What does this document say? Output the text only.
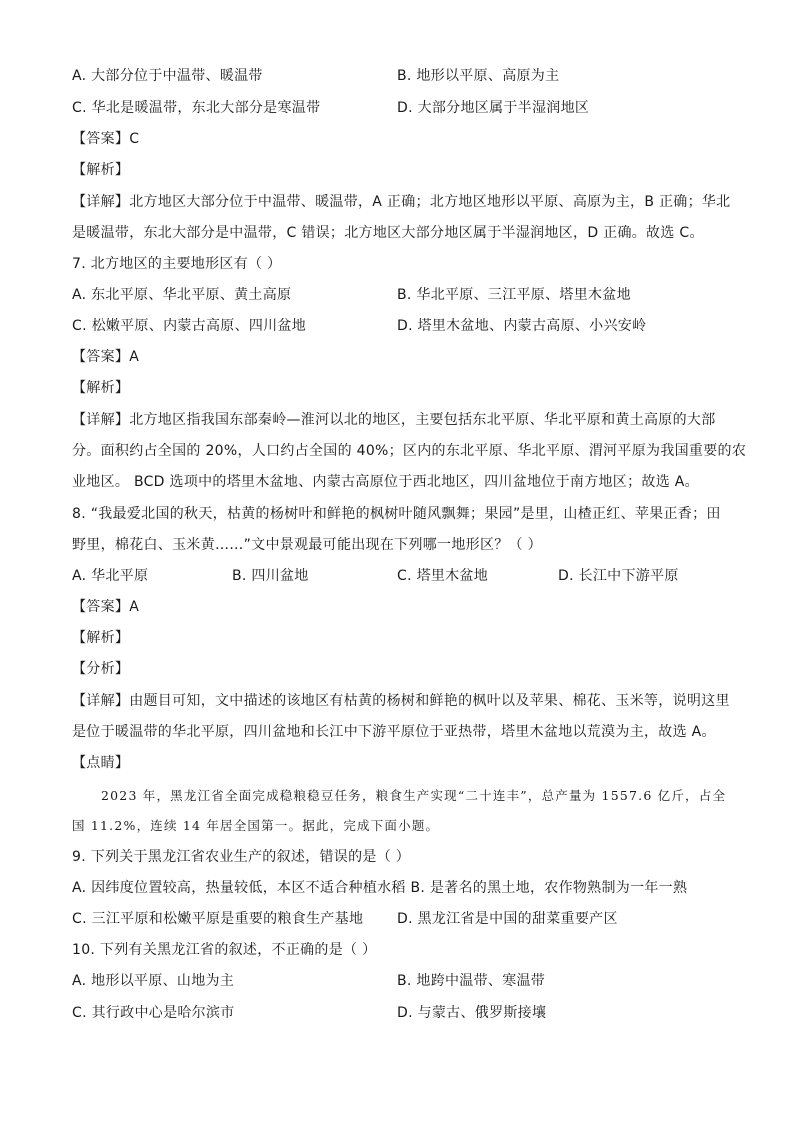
A. 大部分位于中温带、暖温带	B. 地形以平原、高原为主
C. 华北是暖温带，东北大部分是寒温带	D. 大部分地区属于半湿润地区
【答案】C
【解析】
【详解】北方地区大部分位于中温带、暖温带，A 正确；北方地区地形以平原、高原为主，B 正确；华北
是暖温带，东北大部分是中温带，C 错误；北方地区大部分地区属于半湿润地区，D 正确。故选 C。
7. 北方地区的主要地形区有（ ）
A. 东北平原、华北平原、黄土高原	B. 华北平原、三江平原、塔里木盆地
C. 松嫩平原、内蒙古高原、四川盆地	D. 塔里木盆地、内蒙古高原、小兴安岭
【答案】A
【解析】
【详解】北方地区指我国东部秦岭—淮河以北的地区，主要包括东北平原、华北平原和黄土高原的大部
分。面积约占全国的 20%，人口约占全国的 40%；区内的东北平原、华北平原、渭河平原为我国重要的农
业地区。 BCD 选项中的塔里木盆地、内蒙古高原位于西北地区，四川盆地位于南方地区；故选 A。
8. “我最爱北国的秋天，枯黄的杨树叶和鲜艳的枫树叶随风飘舞；果园”是里，山楂正红、苹果正香；田
野里，棉花白、玉米黄……”文中景观最可能出现在下列哪一地形区？（ ）
A. 华北平原	B. 四川盆地	C. 塔里木盆地	D. 长江中下游平原
【答案】A
【解析】
【分析】
【详解】由题目可知，文中描述的该地区有枯黄的杨树和鲜艳的枫叶以及苹果、棉花、玉米等，说明这里
是位于暖温带的华北平原，四川盆地和长江中下游平原位于亚热带，塔里木盆地以荒漠为主，故选 A。
【点睛】
2023 年，黑龙江省全面完成稳粮稳豆任务，粮食生产实现“二十连丰”，总产量为 1557.6 亿斤，占全
国 11.2%，连续 14 年居全国第一。据此，完成下面小题。
9. 下列关于黑龙江省农业生产的叙述，错误的是（ ）
A. 因纬度位置较高，热量较低，本区不适合种植水稻 B. 是著名的黑土地，农作物熟制为一年一熟
C. 三江平原和松嫩平原是重要的粮食生产基地 D. 黑龙江省是中国的甜菜重要产区
10. 下列有关黑龙江省的叙述，不正确的是（ ）
A. 地形以平原、山地为主	B. 地跨中温带、寒温带
C. 其行政中心是哈尔滨市	D. 与蒙古、俄罗斯接壤
